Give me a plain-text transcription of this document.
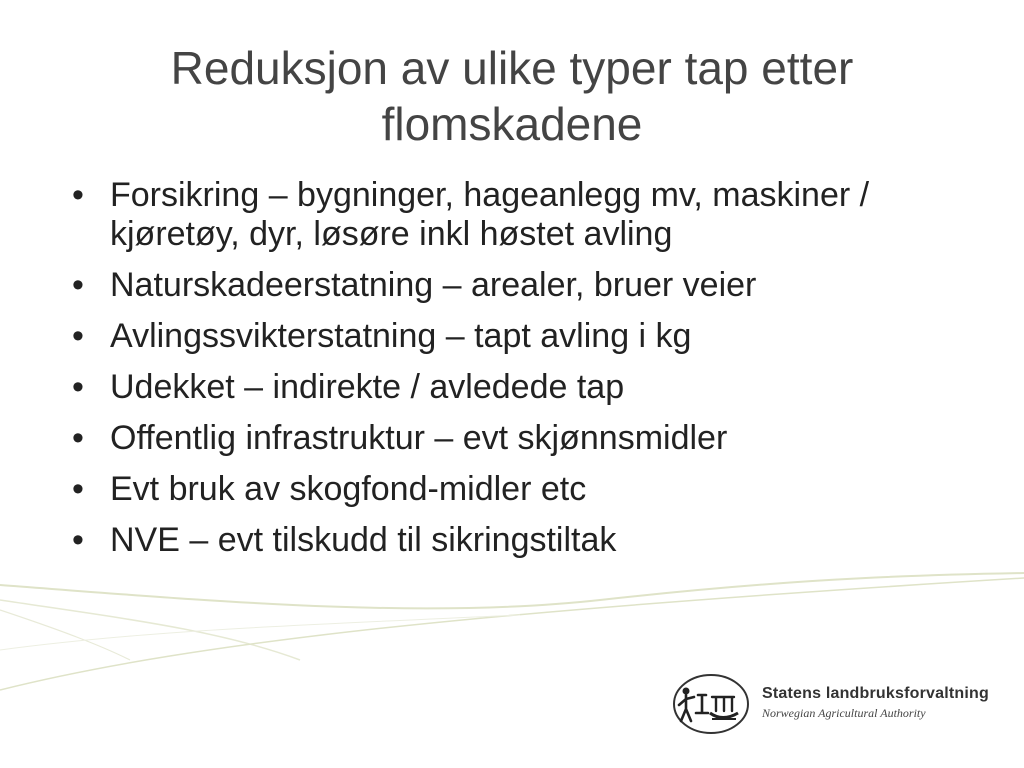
Reduksjon av ulike typer tap etter
flomskadene
• Forsikring – bygninger, hageanlegg mv, maskiner / kjøretøy, dyr, løsøre inkl høstet avling
• Naturskadeerstatning – arealer, bruer veier
• Avlingssvikterstatning – tapt avling i kg
• Udekket – indirekte / avledede tap
• Offentlig infrastruktur – evt skjønnsmidler
• Evt bruk av skogfond-midler etc
• NVE – evt tilskudd til sikringstiltak
Statens landbruksforvaltning
Norwegian Agricultural Authority
